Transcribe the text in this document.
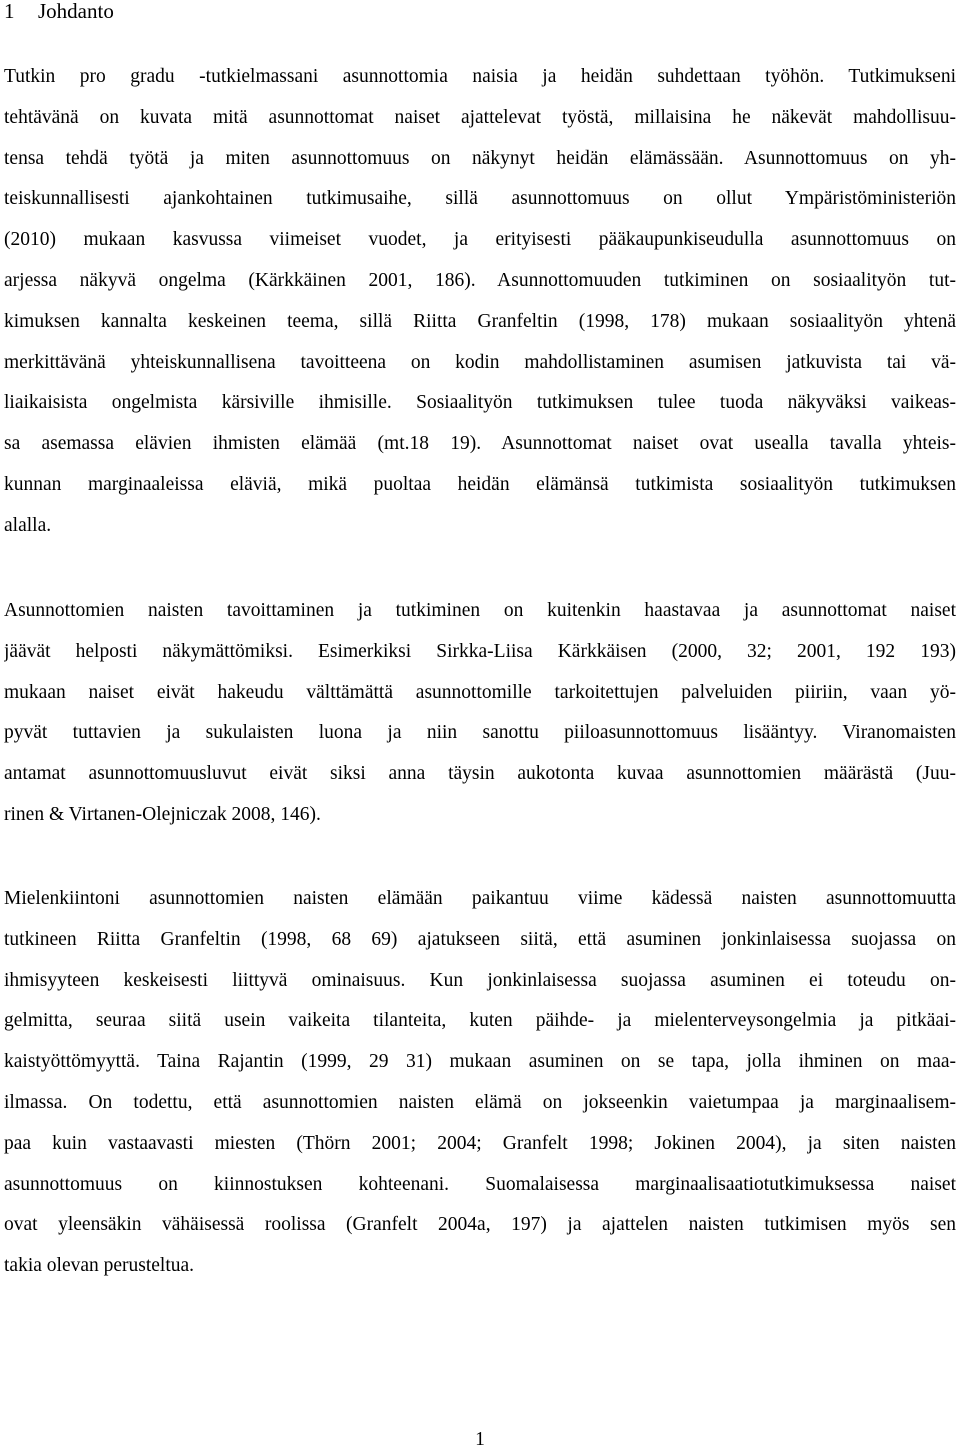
1 Johdanto
Tutkin pro gradu -tutkielmassani asunnottomia naisia ja heidän suhdettaan työhön. Tutkimukseni
tehtävänä on kuvata mitä asunnottomat naiset ajattelevat työstä, millaisina he näkevät mahdollisuu-
tensa tehdä työtä ja miten asunnottomuus on näkynyt heidän elämässään. Asunnottomuus on yh-
teiskunnallisesti ajankohtainen tutkimusaihe, sillä asunnottomuus on ollut Ympäristöministeriön
(2010) mukaan kasvussa viimeiset vuodet, ja erityisesti pääkaupunkiseudulla asunnottomuus on
arjessa näkyvä ongelma (Kärkkäinen 2001, 186). Asunnottomuuden tutkiminen on sosiaalityön tut-
kimuksen kannalta keskeinen teema, sillä Riitta Granfeltin (1998, 178) mukaan sosiaalityön yhtenä
merkittävänä yhteiskunnallisena tavoitteena on kodin mahdollistaminen asumisen jatkuvista tai vä-
liaikaisista ongelmista kärsiville ihmisille. Sosiaalityön tutkimuksen tulee tuoda näkyväksi vaikeas-
sa asemassa elävien ihmisten elämää (mt.18 19). Asunnottomat naiset ovat usealla tavalla yhteis-
kunnan marginaaleissa eläviä, mikä puoltaa heidän elämänsä tutkimista sosiaalityön tutkimuksen
alalla.
Asunnottomien naisten tavoittaminen ja tutkiminen on kuitenkin haastavaa ja asunnottomat naiset
jäävät helposti näkymättömiksi. Esimerkiksi Sirkka-Liisa Kärkkäisen (2000, 32; 2001, 192 193)
mukaan naiset eivät hakeudu välttämättä asunnottomille tarkoitettujen palveluiden piiriin, vaan yö-
pyvät tuttavien ja sukulaisten luona ja niin sanottu piiloasunnottomuus lisääntyy. Viranomaisten
antamat asunnottomuusluvut eivät siksi anna täysin aukotonta kuvaa asunnottomien määrästä (Juu-
rinen & Virtanen-Olejniczak 2008, 146).
Mielenkiintoni asunnottomien naisten elämään paikantuu viime kädessä naisten asunnottomuutta
tutkineen Riitta Granfeltin (1998, 68 69) ajatukseen siitä, että asuminen jonkinlaisessa suojassa on
ihmisyyteen keskeisesti liittyvä ominaisuus. Kun jonkinlaisessa suojassa asuminen ei toteudu on-
gelmitta, seuraa siitä usein vaikeita tilanteita, kuten päihde- ja mielenterveysongelmia ja pitkäai-
kaistyöttömyyttä. Taina Rajantin (1999, 29 31) mukaan asuminen on se tapa, jolla ihminen on maa-
ilmassa. On todettu, että asunnottomien naisten elämä on jokseenkin vaietumpaa ja marginaalisem-
paa kuin vastaavasti miesten (Thörn 2001; 2004; Granfelt 1998; Jokinen 2004), ja siten naisten
asunnottomuus on kiinnostuksen kohteenani. Suomalaisessa marginaalisaatiotutkimuksessa naiset
ovat yleensäkin vähäisessä roolissa (Granfelt 2004a, 197) ja ajattelen naisten tutkimisen myös sen
takia olevan perusteltua.
1
